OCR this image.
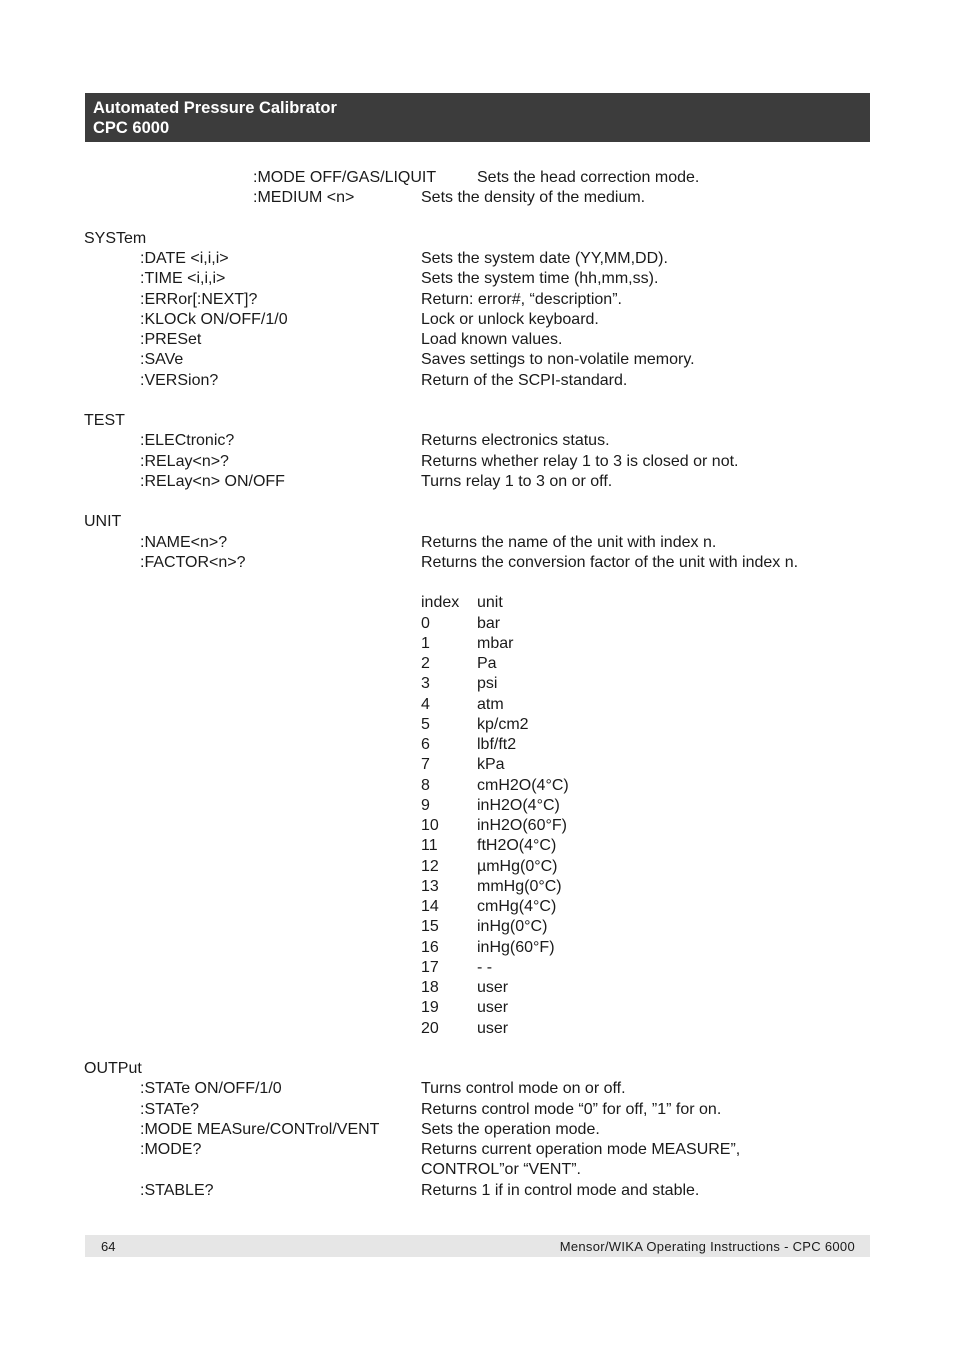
Automated Pressure Calibrator
CPC 6000
:MODE OFF/GAS/LIQUIT	Sets the head correction mode.
:MEDIUM <n>	Sets the density of the medium.
SYSTem
:DATE <i,i,i>	Sets the system date (YY,MM,DD).
:TIME <i,i,i>	Sets the system time (hh,mm,ss).
:ERRor[:NEXT]?	Return: error#, “description”.
:KLOCk ON/OFF/1/0	Lock or unlock keyboard.
:PRESet	Load known values.
:SAVe	Saves settings to non-volatile memory.
:VERSion?	Return of the SCPI-standard.
TEST
:ELECtronic?	Returns electronics status.
:RELay<n>?	Returns whether relay 1 to 3 is closed or not.
:RELay<n> ON/OFF	Turns relay 1 to 3 on or off.
UNIT
:NAME<n>?	Returns the name of the unit with index n.
:FACTOR<n>?	Returns the conversion factor of the unit with index n.
index unit
0	bar
1	mbar
2	Pa
3	psi
4	atm
5	kp/cm2
6	lbf/ft2
7	kPa
8	cmH2O(4°C)
9	inH2O(4°C)
10 inH2O(60°F)
11 ftH2O(4°C)
12 µmHg(0°C)
13 mmHg(0°C)
14 cmHg(4°C)
15 inHg(0°C)
16 inHg(60°F)
17 - -
18 user
19 user
20 user
OUTPut
:STATe ON/OFF/1/0	Turns control mode on or off.
:STATe?	Returns control mode “0” for off, ”1” for on.
:MODE MEASure/CONTrol/VENT	Sets the operation mode.
:MODE?	Returns current operation mode MEASURE”,
CONTROL”or “VENT”.
:STABLE?	Returns 1 if in control mode and stable.
64	Mensor/WIKA Operating Instructions - CPC 6000
